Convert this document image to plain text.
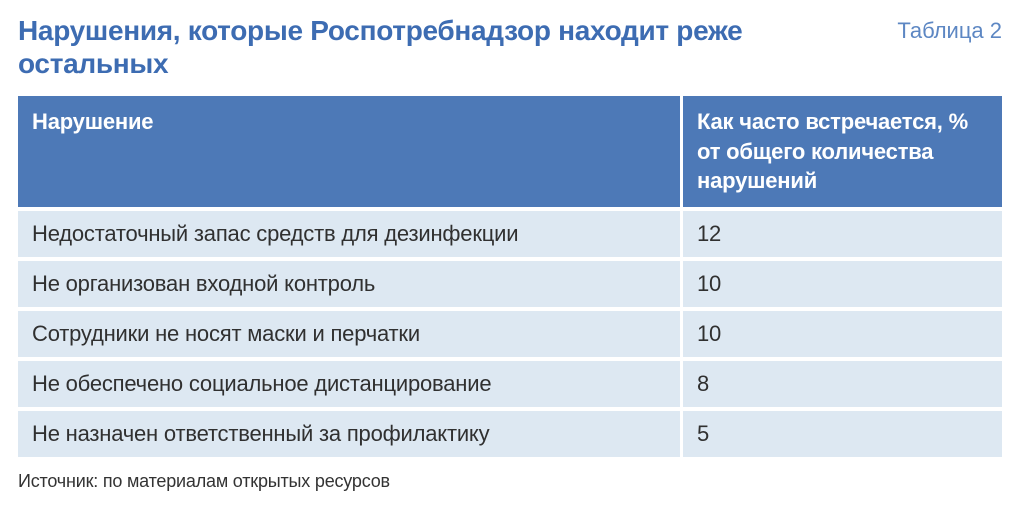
Нарушения, которые Роспотребнадзор находит реже остальных
Таблица 2
Нарушение	Как часто встречается, % от общего количества нарушений
Недостаточный запас средств для дезинфекции	12
Не организован входной контроль	10
Сотрудники не носят маски и перчатки	10
Не обеспечено социальное дистанцирование	8
Не назначен ответственный за профилактику	5
Источник: по материалам открытых ресурсов
